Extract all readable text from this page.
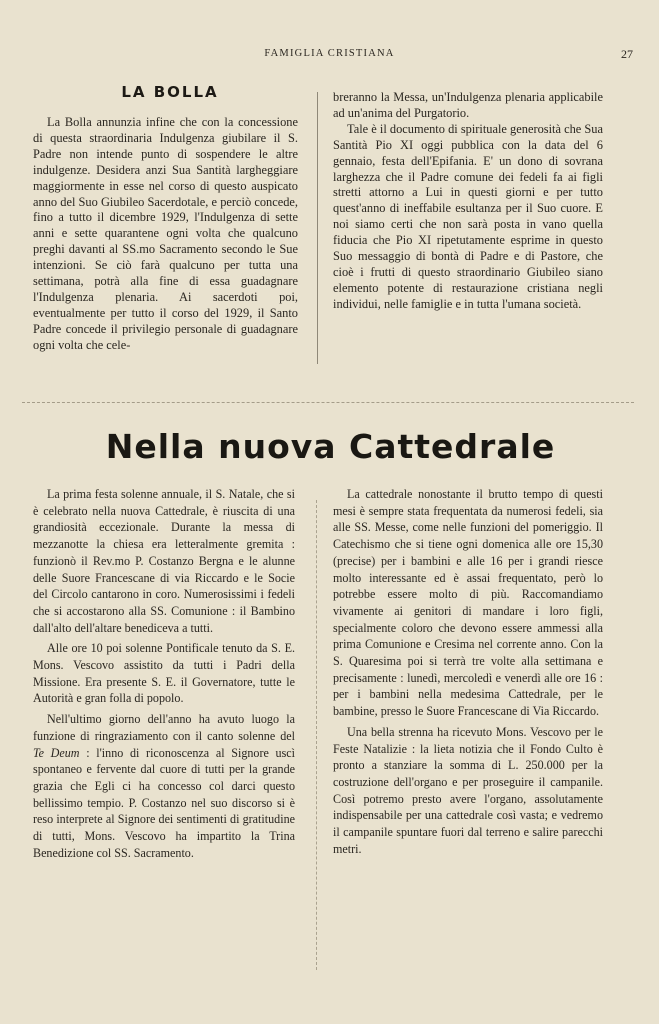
FAMIGLIA CRISTIANA	27
LA BOLLA

La Bolla annunzia infine che con la concessione di questa straordinaria Indulgenza giubilare il S. Padre non intende punto di sospendere le altre indulgenze. Desidera anzi Sua Santità largheggiare maggiormente in esse nel corso di questo auspicato anno del Suo Giubileo Sacerdotale, e perciò concede, fino a tutto il dicembre 1929, l'Indulgenza di sette anni e sette quarantene ogni volta che qualcuno preghi davanti al SS.mo Sacramento secondo le Sue intenzioni. Se ciò farà qualcuno per tutta una settimana, potrà alla fine di essa guadagnare l'Indulgenza plenaria. Ai sacerdoti poi, eventualmente per tutto il corso del 1929, il Santo Padre concede il privilegio personale di guadagnare ogni volta che cele-

breranno la Messa, un'Indulgenza plenaria applicabile ad un'anima del Purgatorio.

Tale è il documento di spirituale generosità che Sua Santità Pio XI oggi pubblica con la data del 6 gennaio, festa dell'Epifania. E' un dono di sovrana larghezza che il Padre comune dei fedeli fa ai figli stretti attorno a Lui in questi giorni e per tutto quest'anno di ineffabile esultanza per il Suo cuore. E noi siamo certi che non sarà posta in vano quella fiducia che Pio XI ripetutamente esprime in questo Suo messaggio di bontà di Padre e di Pastore, che cioè i frutti di questo straordinario Giubileo siano elemento potente di restaurazione cristiana negli individui, nelle famiglie e in tutta l'umana società.

Nella nuova Cattedrale

La prima festa solenne annuale, il S. Natale, che si è celebrato nella nuova Cattedrale, è riuscita di una grandiosità eccezionale. Durante la messa di mezzanotte la chiesa era letteralmente gremita : funzionò il Rev.mo P. Costanzo Bergna e le alunne delle Suore Francescane di via Riccardo e le Socie del Circolo cantarono in coro. Numerosissimi i fedeli che si accostarono alla SS. Comunione : il Bambino dall'alto dell'altare benediceva a tutti.

Alle ore 10 poi solenne Pontificale tenuto da S. E. Mons. Vescovo assistito da tutti i Padri della Missione. Era presente S. E. il Governatore, tutte le Autorità e gran folla di popolo.

Nell'ultimo giorno dell'anno ha avuto luogo la funzione di ringraziamento con il canto solenne del Te Deum : l'inno di riconoscenza al Signore uscì spontaneo e fervente dal cuore di tutti per la grande grazia che Egli ci ha concesso col darci questo bellissimo tempio. P. Costanzo nel suo discorso si è reso interprete al Signore dei sentimenti di gratitudine di tutti, Mons. Vescovo ha impartito la Trina Benedizione col SS. Sacramento.

La cattedrale nonostante il brutto tempo di questi mesi è sempre stata frequentata da numerosi fedeli, sia alle SS. Messe, come nelle funzioni del pomeriggio. Il Catechismo che si tiene ogni domenica alle ore 15,30 (precise) per i bambini e alle 16 per i grandi riesce molto interessante ed è assai frequentato, però lo potrebbe essere molto di più. Raccomandiamo vivamente ai genitori di mandare i loro figli, specialmente coloro che devono essere ammessi alla prima Comunione e Cresima nel corrente anno. Con la S. Quaresima poi si terrà tre volte alla settimana e precisamente : lunedì, mercoledì e venerdì alle ore 16 : per i bambini nella medesima Cattedrale, per le bambine, presso le Suore Francescane di Via Riccardo.

Una bella strenna ha ricevuto Mons. Vescovo per le Feste Natalizie : la lieta notizia che il Fondo Culto è pronto a stanziare la somma di L. 250.000 per la costruzione dell'organo e per proseguire il campanile. Così potremo presto avere l'organo, assolutamente indispensabile per una cattedrale così vasta; e vedremo il campanile spuntare fuori dal terreno e salire parecchi metri.
